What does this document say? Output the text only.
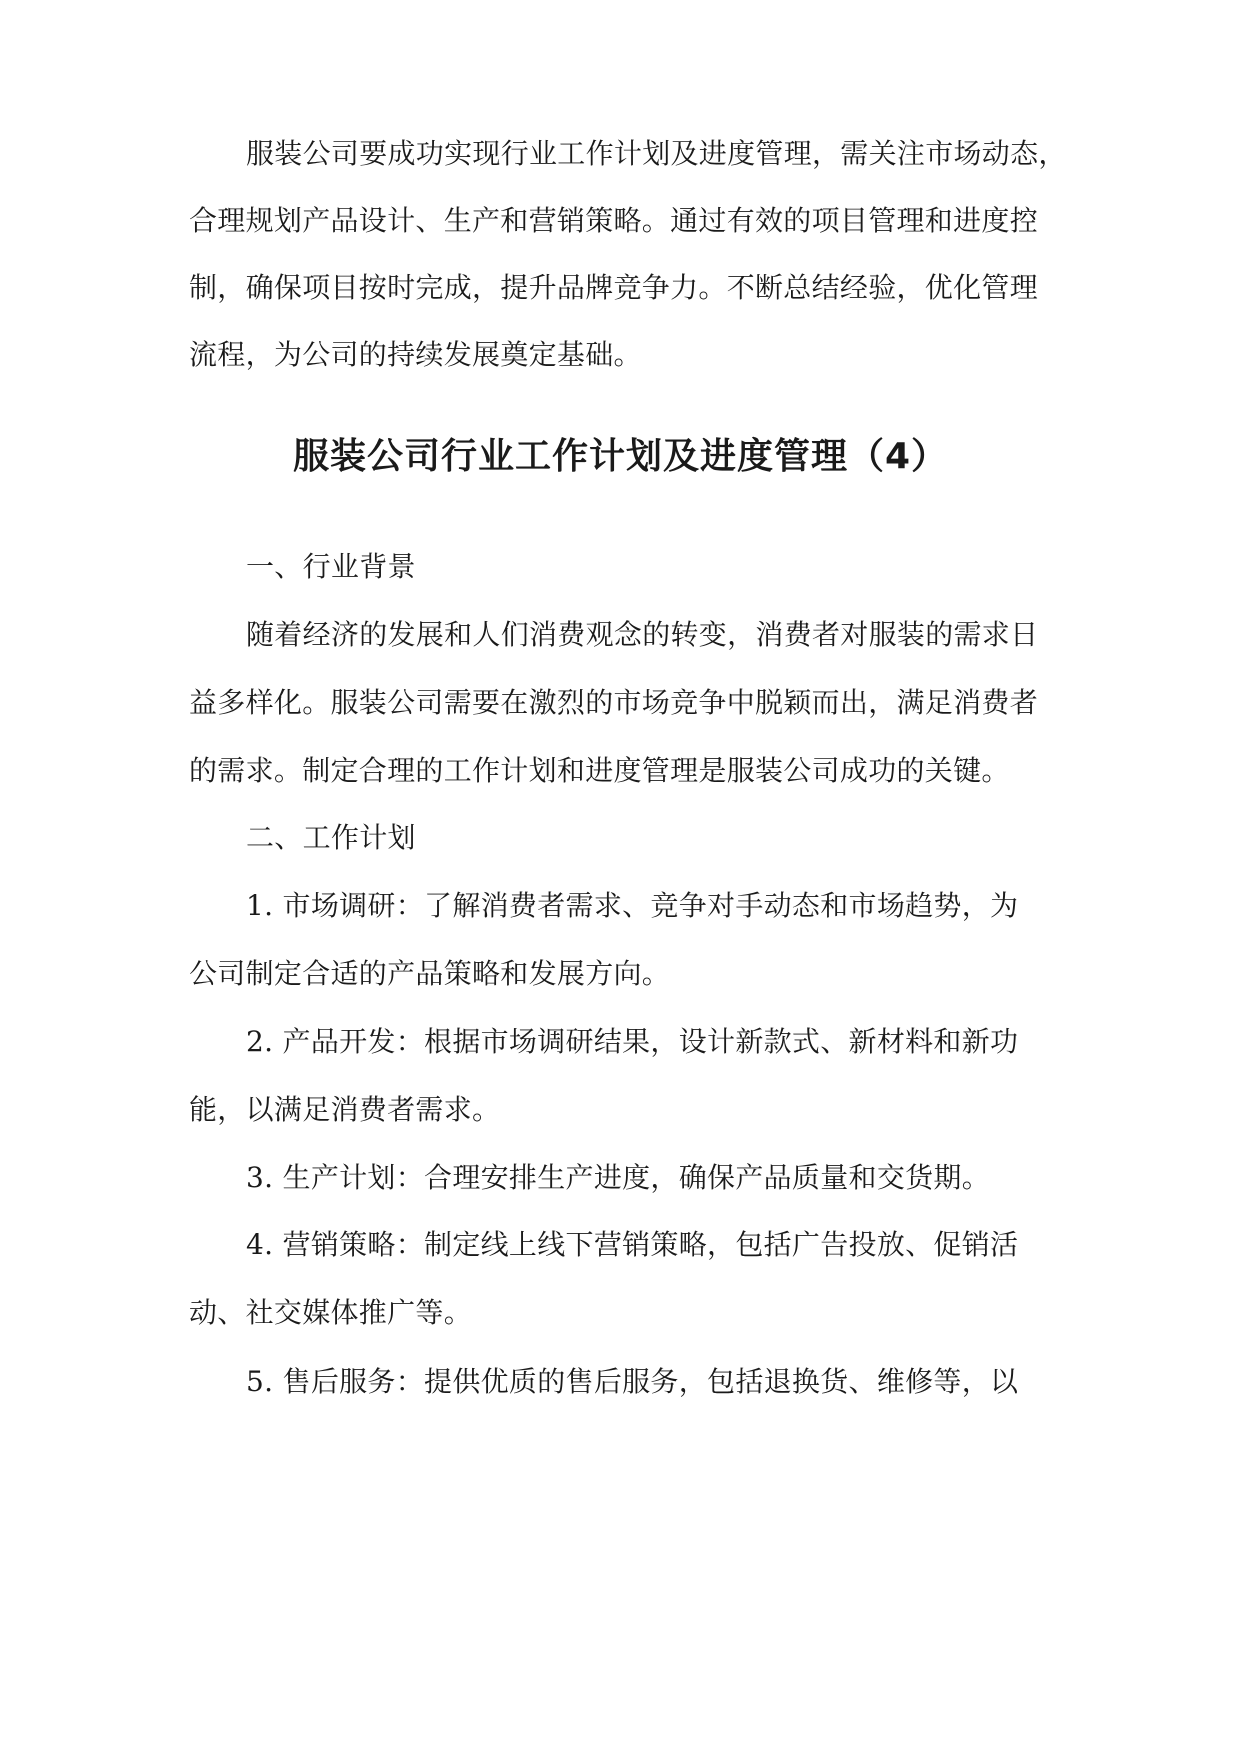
服装公司要成功实现行业工作计划及进度管理，需关注市场动态，
合理规划产品设计、生产和营销策略。通过有效的项目管理和进度控
制，确保项目按时完成，提升品牌竞争力。不断总结经验，优化管理
流程，为公司的持续发展奠定基础。
服装公司行业工作计划及进度管理（4）
一、行业背景
随着经济的发展和人们消费观念的转变，消费者对服装的需求日
益多样化。服装公司需要在激烈的市场竞争中脱颖而出，满足消费者
的需求。制定合理的工作计划和进度管理是服装公司成功的关键。
二、工作计划
1. 市场调研：了解消费者需求、竞争对手动态和市场趋势，为
公司制定合适的产品策略和发展方向。
2. 产品开发：根据市场调研结果，设计新款式、新材料和新功
能，以满足消费者需求。
3. 生产计划：合理安排生产进度，确保产品质量和交货期。
4. 营销策略：制定线上线下营销策略，包括广告投放、促销活
动、社交媒体推广等。
5. 售后服务：提供优质的售后服务，包括退换货、维修等，以
